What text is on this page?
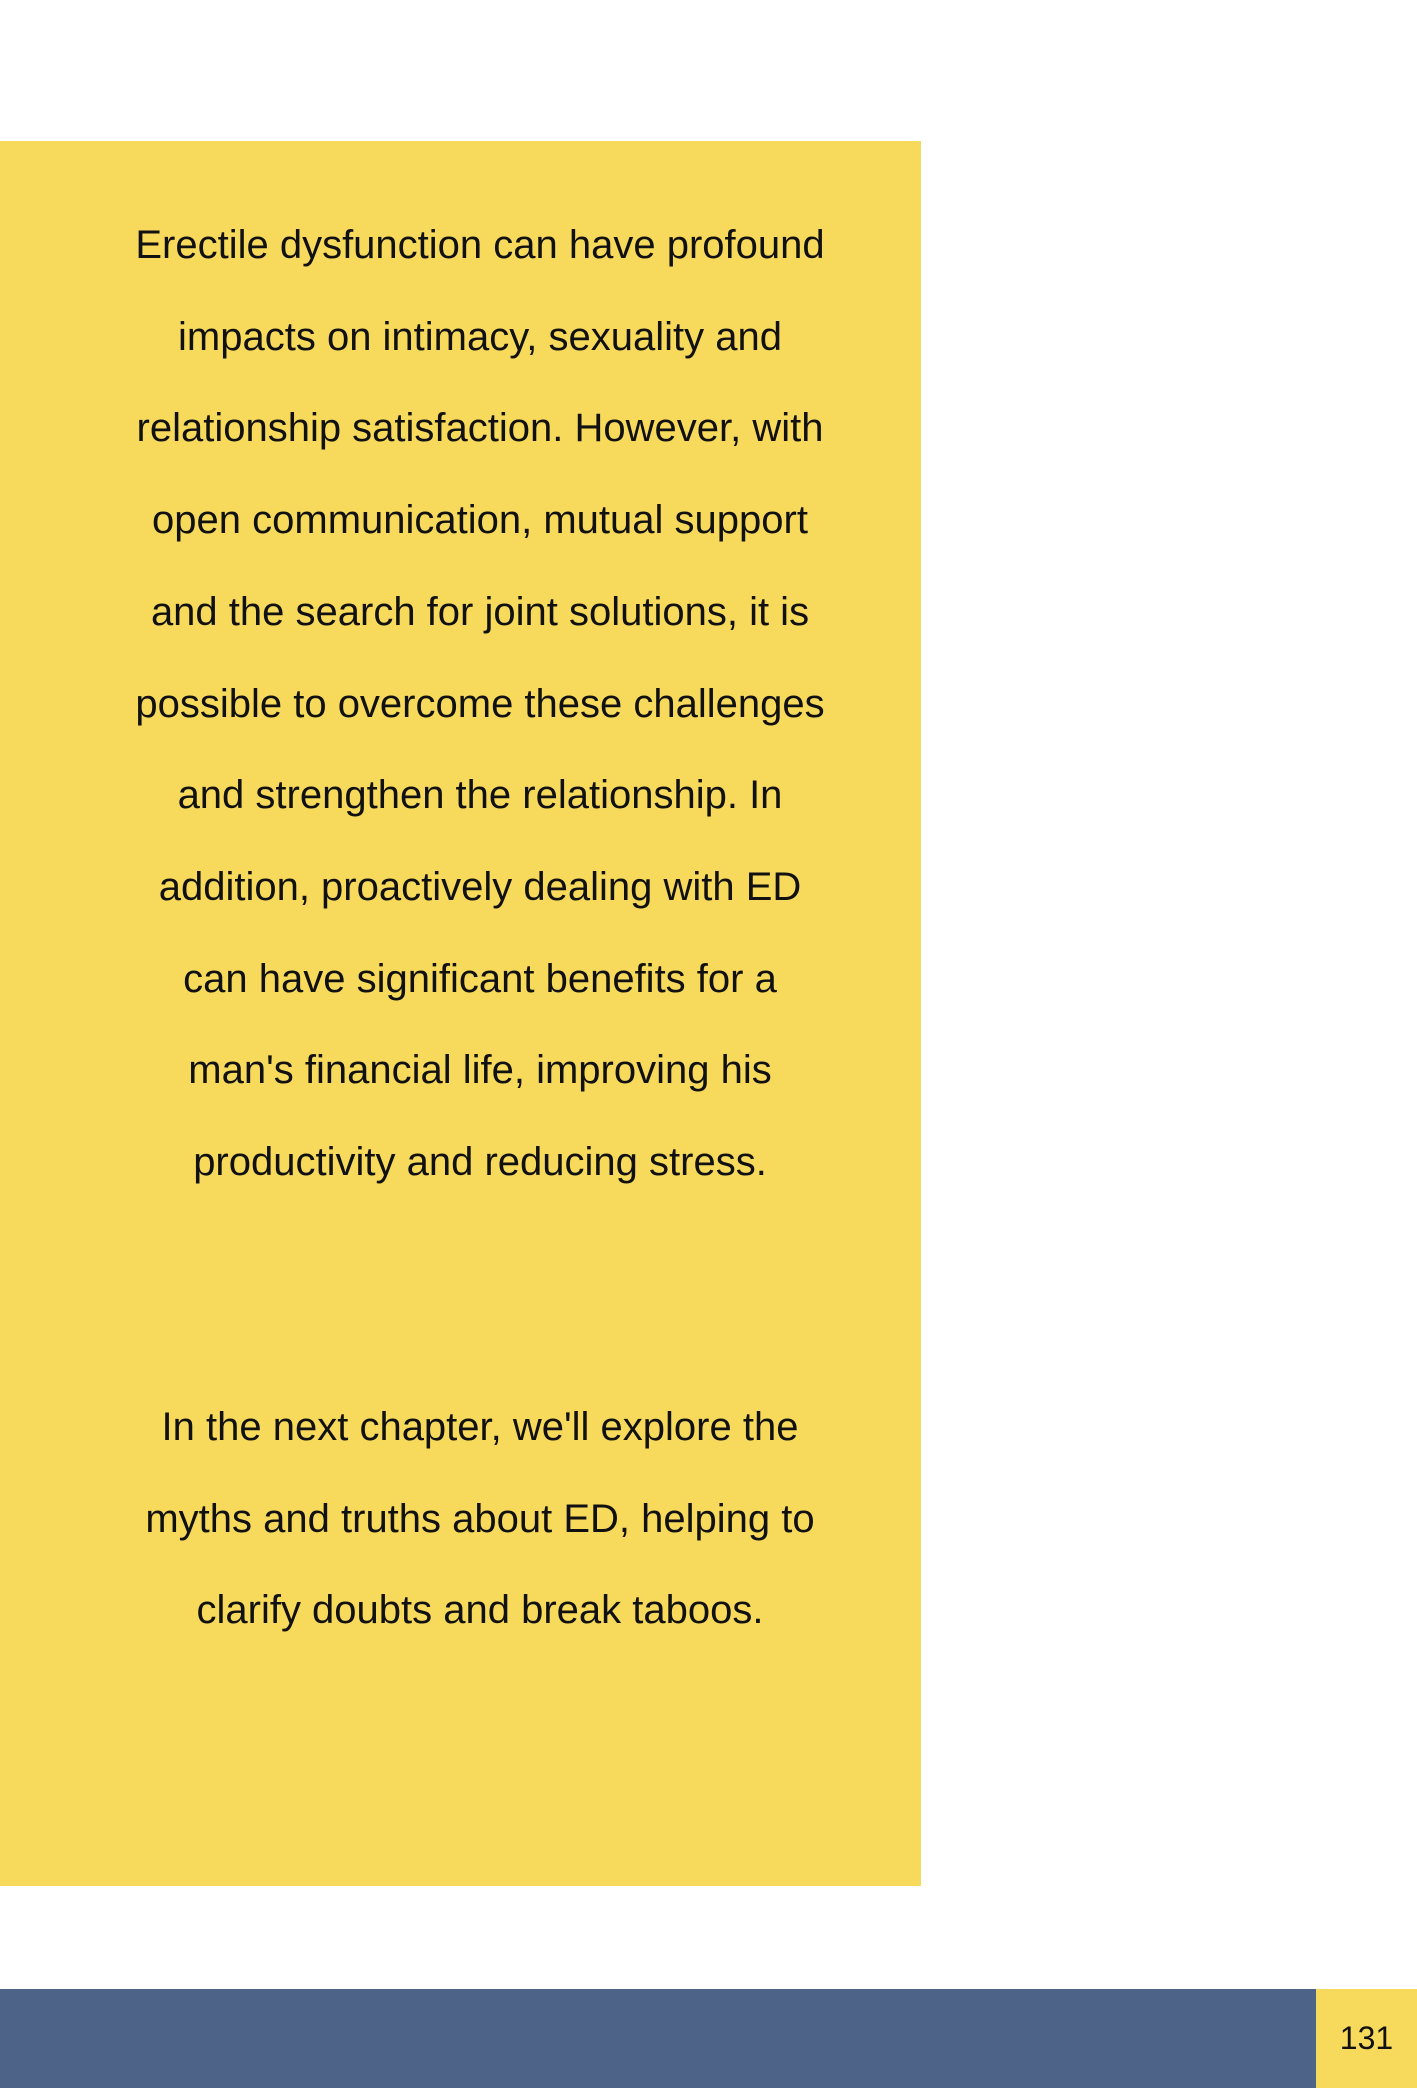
Erectile dysfunction can have profound impacts on intimacy, sexuality and relationship satisfaction. However, with open communication, mutual support and the search for joint solutions, it is possible to overcome these challenges and strengthen the relationship. In addition, proactively dealing with ED can have significant benefits for a man's financial life, improving his productivity and reducing stress.

In the next chapter, we'll explore the myths and truths about ED, helping to clarify doubts and break taboos.

131
